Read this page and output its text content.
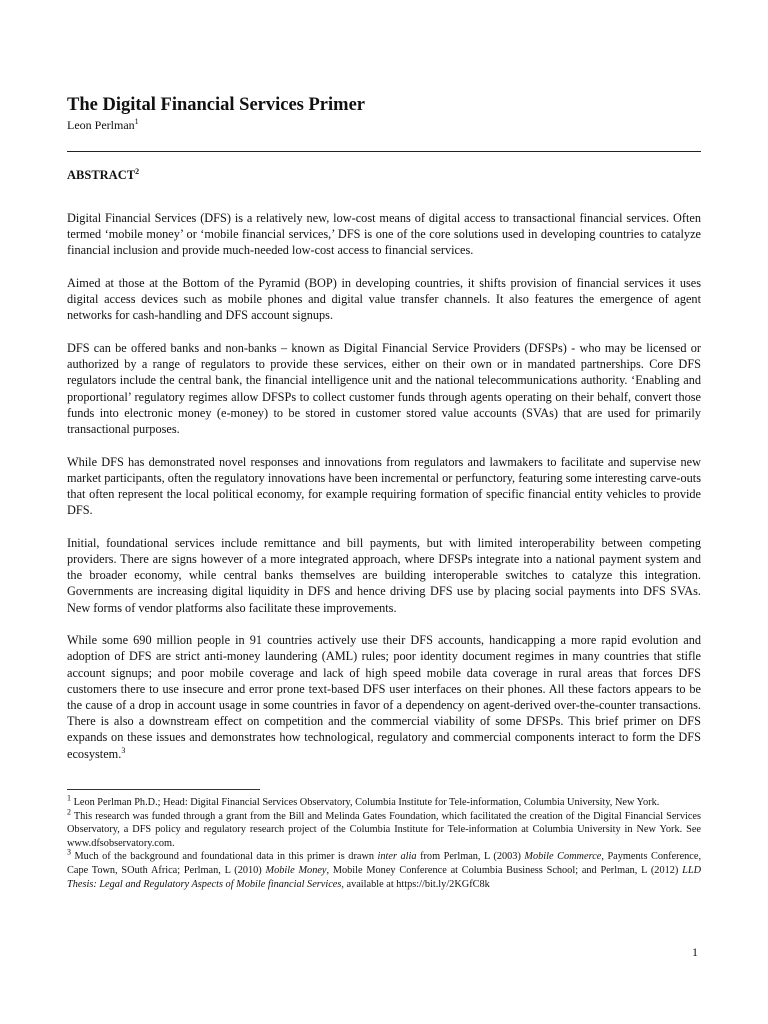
The Digital Financial Services Primer
Leon Perlman$^1$
ABSTRACT$^2$

Digital Financial Services (DFS) is a relatively new, low-cost means of digital access to transactional financial services. Often termed ‘mobile money’ or ‘mobile financial services,’ DFS is one of the core solutions used in developing countries to catalyze financial inclusion and provide much-needed low-cost access to financial services.

Aimed at those at the Bottom of the Pyramid (BOP) in developing countries, it shifts provision of financial services it uses digital access devices such as mobile phones and digital value transfer channels. It also features the emergence of agent networks for cash-handling and DFS account signups.

DFS can be offered banks and non-banks – known as Digital Financial Service Providers (DFSPs) - who may be licensed or authorized by a range of regulators to provide these services, either on their own or in mandated partnerships. Core DFS regulators include the central bank, the financial intelligence unit and the national telecommunications authority. ‘Enabling and proportional’ regulatory regimes allow DFSPs to collect customer funds through agents operating on their behalf, convert those funds into electronic money (e-money) to be stored in customer stored value accounts (SVAs) that are used for primarily transactional purposes.

While DFS has demonstrated novel responses and innovations from regulators and lawmakers to facilitate and supervise new market participants, often the regulatory innovations have been incremental or perfunctory, featuring some interesting carve-outs that often represent the local political economy, for example requiring formation of specific financial entity vehicles to provide DFS.

Initial, foundational services include remittance and bill payments, but with limited interoperability between competing providers. There are signs however of a more integrated approach, where DFSPs integrate into a national payment system and the broader economy, while central banks themselves are building interoperable switches to catalyze this integration. Governments are increasing digital liquidity in DFS and hence driving DFS use by placing social payments into DFS SVAs. New forms of vendor platforms also facilitate these improvements.

While some 690 million people in 91 countries actively use their DFS accounts, handicapping a more rapid evolution and adoption of DFS are strict anti-money laundering (AML) rules; poor identity document regimes in many countries that stifle account signups; and poor mobile coverage and lack of high speed mobile data coverage in rural areas that forces DFS customers there to use insecure and error prone text-based DFS user interfaces on their phones. All these factors appears to be the cause of a drop in account usage in some countries in favor of a dependency on agent-derived over-the-counter transactions. There is also a downstream effect on competition and the commercial viability of some DFSPs. This brief primer on DFS expands on these issues and demonstrates how technological, regulatory and commercial components interact to form the DFS ecosystem.$^3$

$^1$ Leon Perlman Ph.D.; Head: Digital Financial Services Observatory, Columbia Institute for Tele-information, Columbia University, New York.

$^2$ This research was funded through a grant from the Bill and Melinda Gates Foundation, which facilitated the creation of the Digital Financial Services Observatory, a DFS policy and regulatory research project of the Columbia Institute for Tele-information at Columbia University in New York. See www.dfsobservatory.com.

$^3$ Much of the background and foundational data in this primer is drawn inter alia from Perlman, L (2003) Mobile Commerce, Payments Conference, Cape Town, SOuth Africa; Perlman, L (2010) Mobile Money, Mobile Money Conference at Columbia Business School; and Perlman, L (2012) LLD Thesis: Legal and Regulatory Aspects of Mobile financial Services, available at https://bit.ly/2KGfC8k

1
